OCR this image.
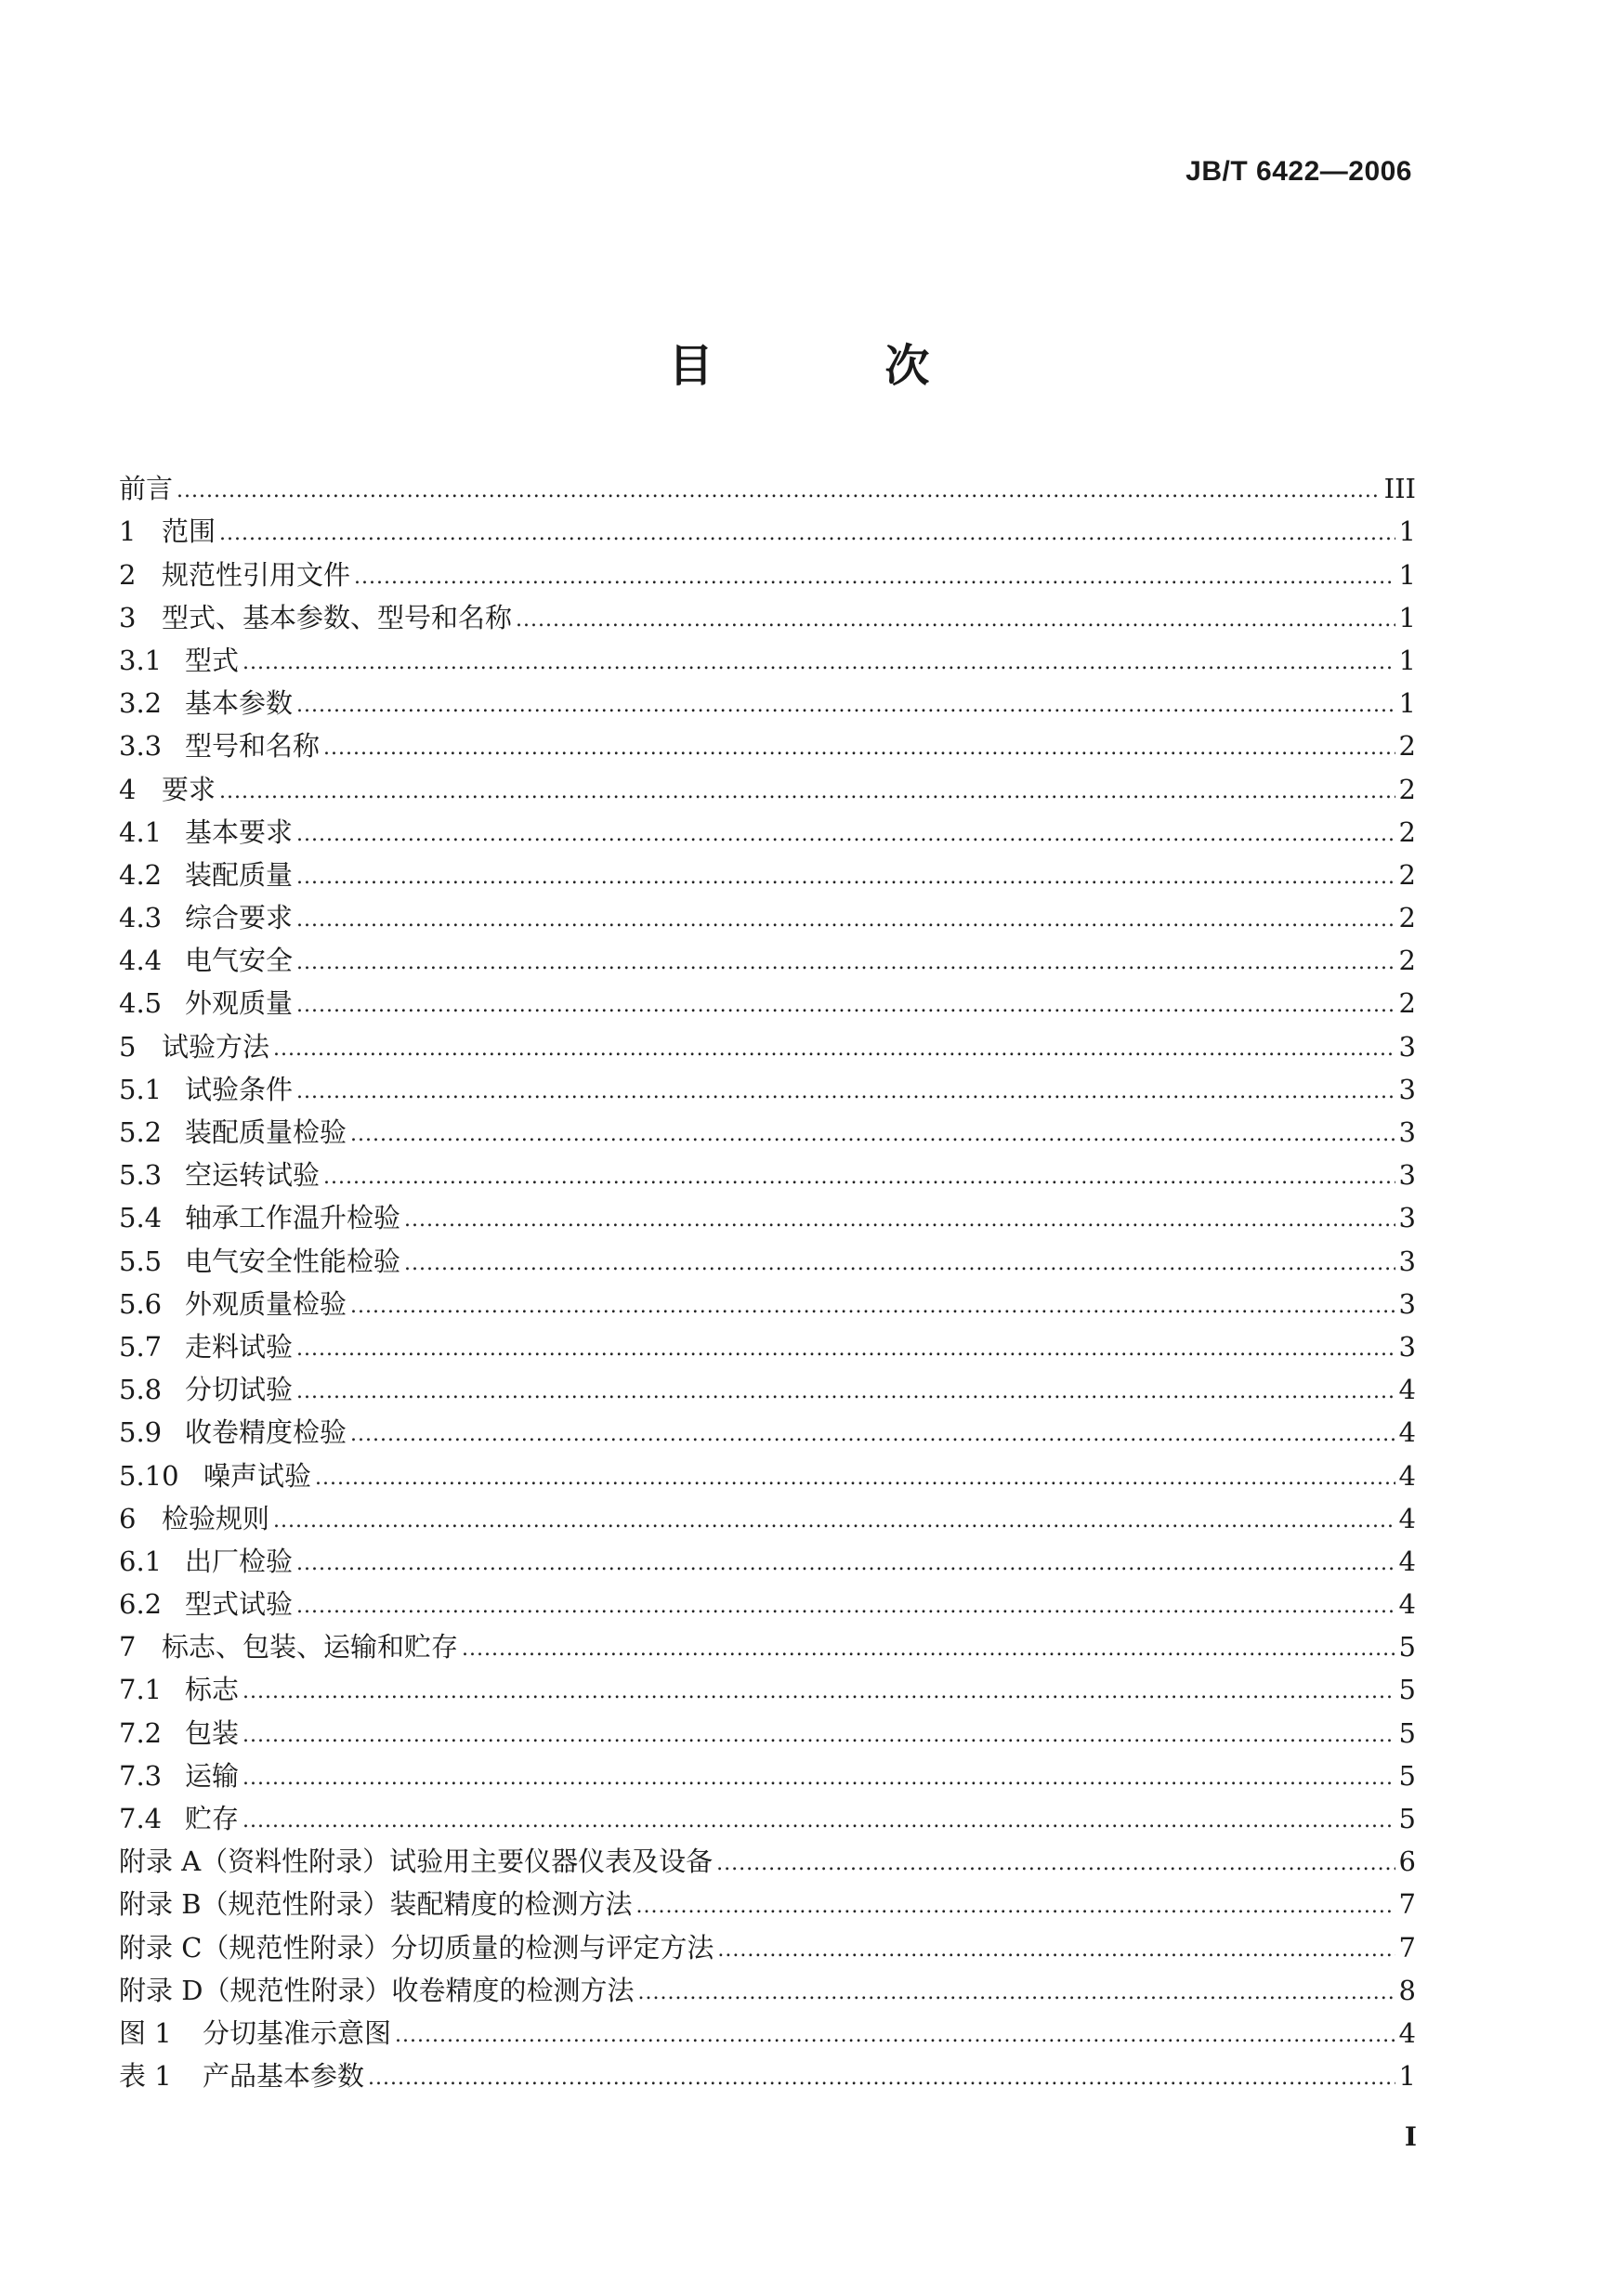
JB/T 6422—2006
目 次
前言 .....	III
1 范围 .....	1
2 规范性引用文件 .....	1
3 型式、基本参数、型号和名称 .....	1
3.1 型式 .....	1
3.2 基本参数 .....	1
3.3 型号和名称 .....	2
4 要求 .....	2
4.1 基本要求 .....	2
4.2 装配质量 .....	2
4.3 综合要求 .....	2
4.4 电气安全 .....	2
4.5 外观质量 .....	2
5 试验方法 .....	3
5.1 试验条件 .....	3
5.2 装配质量检验 .....	3
5.3 空运转试验 .....	3
5.4 轴承工作温升检验 .....	3
5.5 电气安全性能检验 .....	3
5.6 外观质量检验 .....	3
5.7 走料试验 .....	3
5.8 分切试验 .....	4
5.9 收卷精度检验 .....	4
5.10 噪声试验 .....	4
6 检验规则 .....	4
6.1 出厂检验 .....	4
6.2 型式试验 .....	4
7 标志、包装、运输和贮存 .....	5
7.1 标志 .....	5
7.2 包装 .....	5
7.3 运输 .....	5
7.4 贮存 .....	5
附录 A（资料性附录）试验用主要仪器仪表及设备 .....	6
附录 B（规范性附录）装配精度的检测方法 .....	7
附录 C（规范性附录）分切质量的检测与评定方法 .....	7
附录 D（规范性附录）收卷精度的检测方法 .....	8
图 1	分切基准示意图 .....	4
表 1	产品基本参数 .....	1
I
